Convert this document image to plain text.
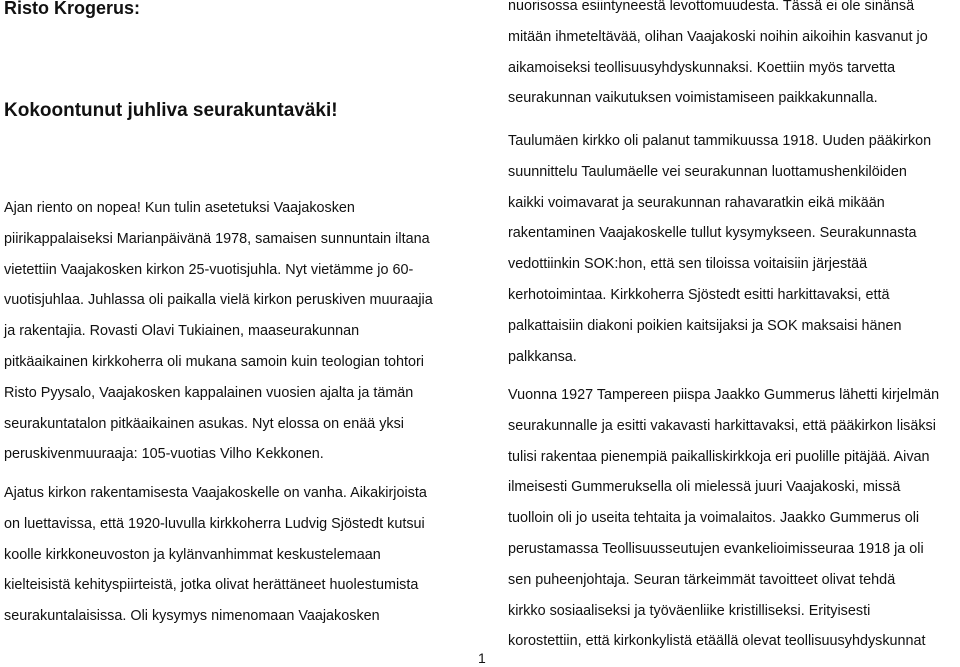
Risto Krogerus:
Kokoontunut juhliva seurakuntaväki!

Ajan riento on nopea! Kun tulin asetetuksi Vaajakosken
piirikappalaiseksi Marianpäivänä 1978, samaisen sunnuntain iltana
vietettiin Vaajakosken kirkon 25-vuotisjuhla. Nyt vietämme jo 60-
vuotisjuhlaa. Juhlassa oli paikalla vielä kirkon peruskiven muuraajia
ja rakentajia. Rovasti Olavi Tukiainen, maaseurakunnan
pitkäaikainen kirkkoherra oli mukana samoin kuin teologian tohtori
Risto Pyysalo, Vaajakosken kappalainen vuosien ajalta ja tämän
seurakuntatalon pitkäaikainen asukas. Nyt elossa on enää yksi
peruskivenmuuraaja: 105-vuotias Vilho Kekkonen.

Ajatus kirkon rakentamisesta Vaajakoskelle on vanha. Aikakirjoista
on luettavissa, että 1920-luvulla kirkkoherra Ludvig Sjöstedt kutsui
koolle kirkkoneuvoston ja kylänvanhimmat keskustelemaan
kielteisistä kehityspiirteistä, jotka olivat herättäneet huolestumista
seurakuntalaisissa. Oli kysymys nimenomaan Vaajakosken

nuorisossa esiintyneestä levottomuudesta. Tässä ei ole sinänsä
mitään ihmeteltävää, olihan Vaajakoski noihin aikoihin kasvanut jo
aikamoiseksi teollisuusyhdyskunnaksi. Koettiin myös tarvetta
seurakunnan vaikutuksen voimistamiseen paikkakunnalla.

Taulumäen kirkko oli palanut tammikuussa 1918. Uuden pääkirkon
suunnittelu Taulumäelle vei seurakunnan luottamushenkilöiden
kaikki voimavarat ja seurakunnan rahavaratkin eikä mikään
rakentaminen Vaajakoskelle tullut kysymykseen. Seurakunnasta
vedottiinkin SOK:hon, että sen tiloissa voitaisiin järjestää
kerhotoimintaa. Kirkkoherra Sjöstedt esitti harkittavaksi, että
palkattaisiin diakoni poikien kaitsijaksi ja SOK maksaisi hänen
palkkansa.

Vuonna 1927 Tampereen piispa Jaakko Gummerus lähetti kirjelmän
seurakunnalle ja esitti vakavasti harkittavaksi, että pääkirkon lisäksi
tulisi rakentaa pienempiä paikalliskirkkoja eri puolille pitäjää. Aivan
ilmeisesti Gummeruksella oli mielessä juuri Vaajakoski, missä
tuolloin oli jo useita tehtaita ja voimalaitos. Jaakko Gummerus oli
perustamassa Teollisuusseutujen evankelioimisseuraa 1918 ja oli
sen puheenjohtaja. Seuran tärkeimmät tavoitteet olivat tehdä
kirkko sosiaaliseksi ja työväenliike kristilliseksi. Erityisesti
korostettiin, että kirkonkylistä etäällä olevat teollisuusyhdyskunnat

1
